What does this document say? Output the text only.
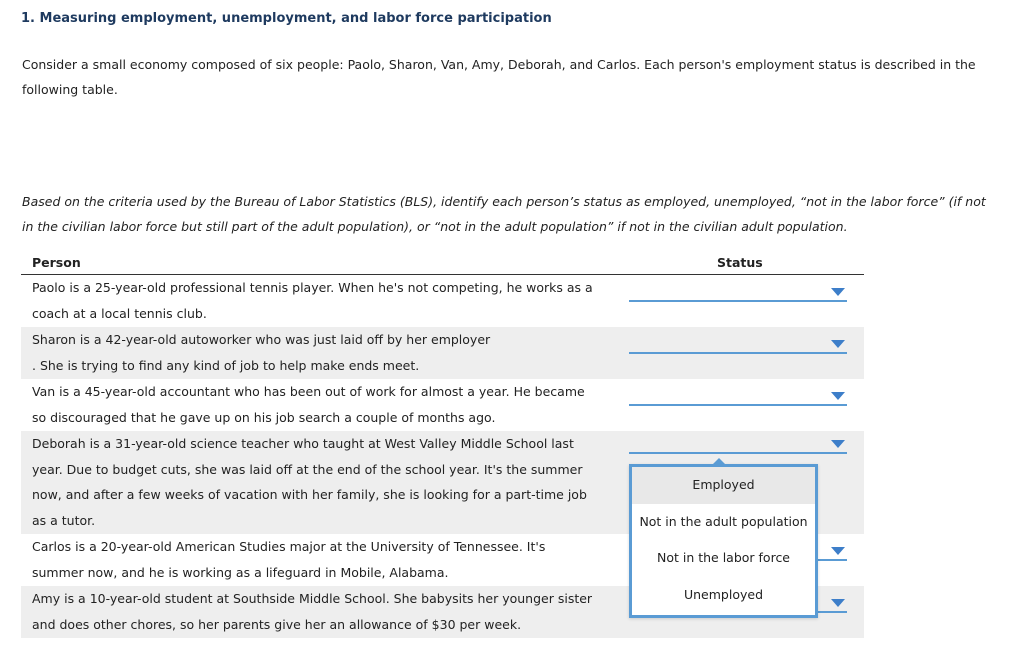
1. Measuring employment, unemployment, and labor force participation
Consider a small economy composed of six people: Paolo, Sharon, Van, Amy, Deborah, and Carlos. Each person's employment status is described in the following table.
Based on the criteria used by the Bureau of Labor Statistics (BLS), identify each person’s status as employed, unemployed, “not in the labor force” (if not in the civilian labor force but still part of the adult population), or “not in the adult population” if not in the civilian adult population.
Person	Status
Paolo is a 25-year-old professional tennis player. When he's not competing, he works as a
coach at a local tennis club.
Sharon is a 42-year-old autoworker who was just laid off by her employer
. She is trying to find any kind of job to help make ends meet.
Van is a 45-year-old accountant who has been out of work for almost a year. He became
so discouraged that he gave up on his job search a couple of months ago.
Deborah is a 31-year-old science teacher who taught at West Valley Middle School last
year. Due to budget cuts, she was laid off at the end of the school year. It's the summer
now, and after a few weeks of vacation with her family, she is looking for a part-time job
as a tutor.
Carlos is a 20-year-old American Studies major at the University of Tennessee. It's
summer now, and he is working as a lifeguard in Mobile, Alabama.
Amy is a 10-year-old student at Southside Middle School. She babysits her younger sister
and does other chores, so her parents give her an allowance of $30 per week.
Employed
Not in the adult population
Not in the labor force
Unemployed
